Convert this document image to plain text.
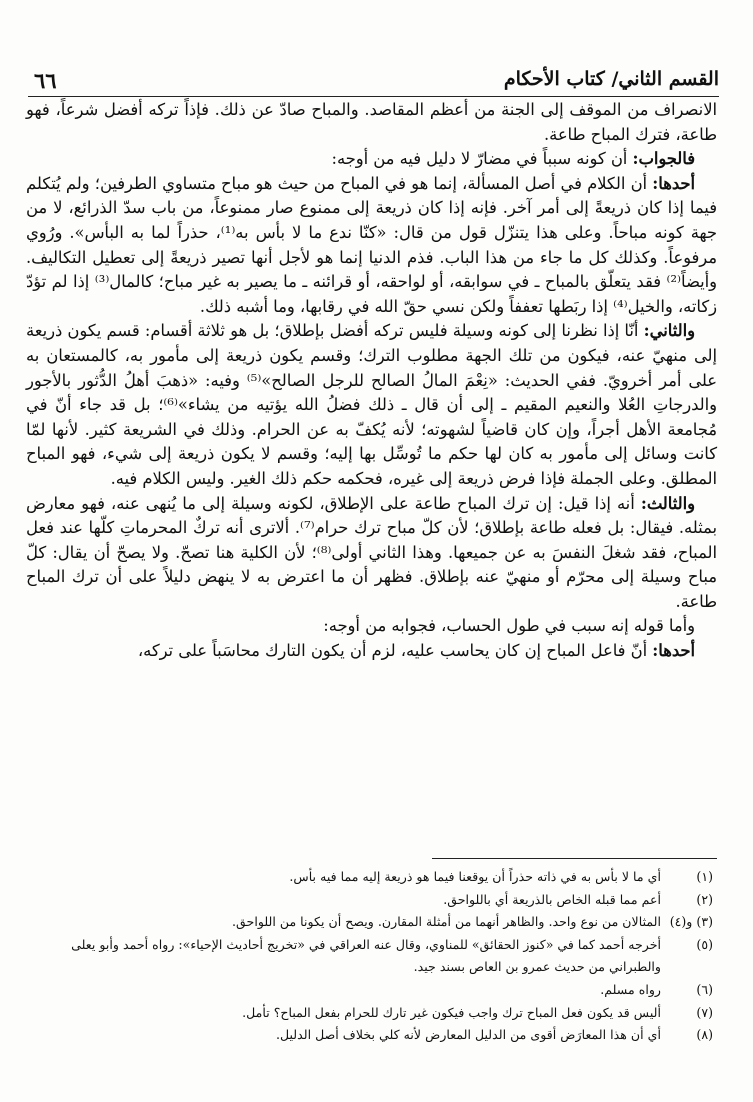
٦٦	القسم الثاني/ كتاب الأحكام

الانصراف من الموقف إلى الجنة من أعظم المقاصد. والمباح صادّ عن ذلك. فإذاً تركه أفضل شرعاً، فهو طاعة، فترك المباح طاعة.

فالجواب: أن كونه سبباً في مضارّ لا دليل فيه من أوجه:

أحدها: أن الكلام في أصل المسألة، إنما هو في المباح من حيث هو مباح متساوي الطرفين؛ ولم يُتكلم فيما إذا كان ذريعةً إلى أمر آخر. فإنه إذا كان ذريعة إلى ممنوع صار ممنوعاً، من باب سدّ الذرائع، لا من جهة كونه مباحاً. وعلى هذا يتنزّل قول من قال: «كنّا ندع ما لا بأس به⁽¹⁾، حذراً لما به البأس». ورُوي مرفوعاً. وكذلك كل ما جاء من هذا الباب. فذم الدنيا إنما هو لأجل أنها تصير ذريعةً إلى تعطيل التكاليف. وأيضاً⁽²⁾ فقد يتعلّق بالمباح ـ في سوابقه، أو لواحقه، أو قرائنه ـ ما يصير به غير مباح؛ كالمال⁽³⁾ إذا لم تؤدّ زكاته، والخيل⁽⁴⁾ إذا ربَطها تعففاً ولكن نسي حقّ الله في رقابها، وما أشبه ذلك.

والثاني: أنّا إذا نظرنا إلى كونه وسيلة فليس تركه أفضل بإطلاق؛ بل هو ثلاثة أقسام: قسم يكون ذريعة إلى منهيّ عنه، فيكون من تلك الجهة مطلوب الترك؛ وقسم يكون ذريعة إلى مأمور به، كالمستعان به على أمر أخرويّ. ففي الحديث: «نِعْمَ المالُ الصالح للرجل الصالح»⁽⁵⁾ وفيه: «ذهبَ أهلُ الدُّثور بالأجور والدرجاتِ العُلا والنعيم المقيم ـ إلى أن قال ـ ذلك فضلُ الله يؤتيه من يشاء»⁽⁶⁾؛ بل قد جاء أنّ في مُجامعة الأهل أجراً، وإن كان قاضياً لشهوته؛ لأنه يُكفّ به عن الحرام. وذلك في الشريعة كثير. لأنها لمّا كانت وسائل إلى مأمور به كان لها حكم ما تُوسِّل بها إليه؛ وقسم لا يكون ذريعة إلى شيء، فهو المباح المطلق. وعلى الجملة فإذا فرض ذريعة إلى غيره، فحكمه حكم ذلك الغير. وليس الكلام فيه.

والثالث: أنه إذا قيل: إن ترك المباح طاعة على الإطلاق، لكونه وسيلة إلى ما يُنهى عنه، فهو معارض بمثله. فيقال: بل فعله طاعة بإطلاق؛ لأن كلّ مباح ترك حرام⁽⁷⁾. ألاترى أنه تركٌ المحرماتِ كلّها عند فعل المباح، فقد شغلَ النفسَ به عن جميعها. وهذا الثاني أولى⁽⁸⁾؛ لأن الكلية هنا تصحّ. ولا يصحّ أن يقال: كلّ مباح وسيلة إلى محرّم أو منهيّ عنه بإطلاق. فظهر أن ما اعترض به لا ينهض دليلاً على أن ترك المباح طاعة.

وأما قوله إنه سبب في طول الحساب، فجوابه من أوجه:

أحدها: أنّ فاعل المباح إن كان يحاسب عليه، لزم أن يكون التارك محاسَباً على تركه،

(١)
أي ما لا بأس به في ذاته حذراً أن يوقعنا فيما هو ذريعة إليه مما فيه بأس.
(٢)
أعم مما قبله الخاص بالذريعة أي باللواحق.
(٣) و(٤)
المثالان من نوع واحد. والظاهر أنهما من أمثلة المقارن. ويصح أن يكونا من اللواحق.
(٥)
أخرجه أحمد كما في «كنوز الحقائق» للمناوي، وقال عنه العراقي في «تخريج أحاديث الإحياء»: رواه أحمد وأبو يعلى والطبراني من حديث عمرو بن العاص بسند جيد.
(٦)
رواه مسلم.
(٧)
أليس قد يكون فعل المباح ترك واجب فيكون غير تارك للحرام بفعل المباح؟ تأمل.
(٨)
أي أن هذا المعارَض أقوى من الدليل المعارض لأنه كلي بخلاف أصل الدليل.
